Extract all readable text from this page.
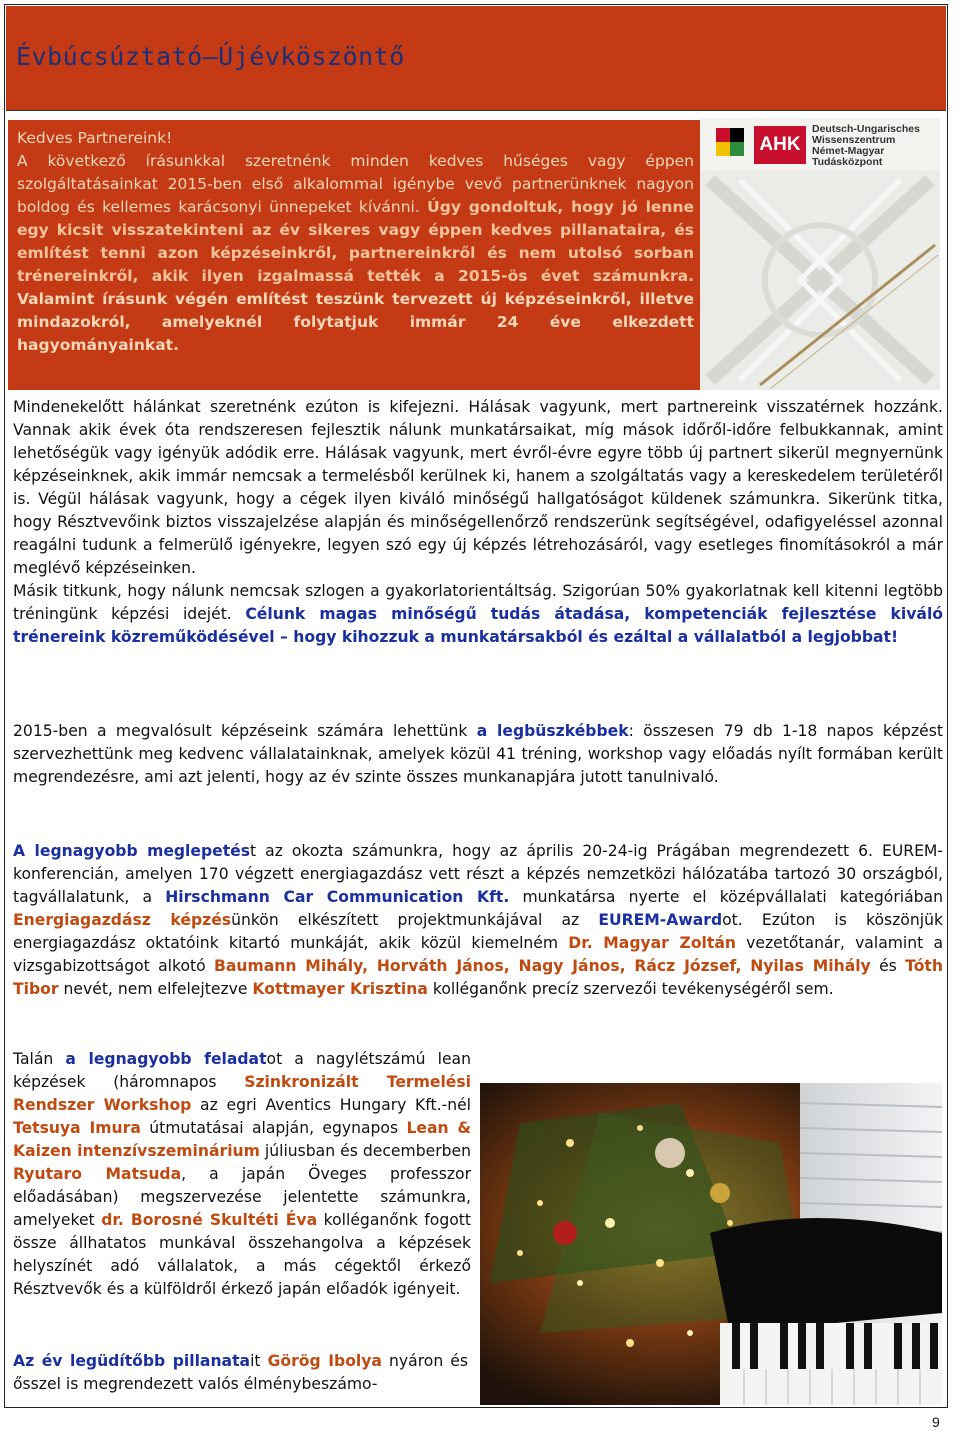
Évbúcsúztató—Újévköszöntő

Kedves Partnereink!

A következő írásunkkal szeretnénk minden kedves hűséges vagy éppen szolgáltatásainkat 2015-ben első alkalommal igénybe vevő partnerünknek nagyon boldog és kellemes karácsonyi ünnepeket kívánni. Úgy gondoltuk, hogy jó lenne egy kicsit visszatekinteni az év sikeres vagy éppen kedves pillanataira, és említést tenni azon képzéseinkről, partnereinkről és nem utolsó sorban trénereinkről, akik ilyen izgalmassá tették a 2015-ös évet számunkra. Valamint írásunk végén említést teszünk tervezett új képzéseinkről, illetve mindazokról, amelyeknél folytatjuk immár 24 éve elkezdett hagyományainkat.

AHK
Deutsch-Ungarisches
Wissenszentrum
Német-Magyar
Tudásközpont

Mindenekelőtt hálánkat szeretnénk ezúton is kifejezni. Hálásak vagyunk, mert partnereink visszatérnek hozzánk. Vannak akik évek óta rendszeresen fejlesztik nálunk munkatársaikat, míg mások időről-időre felbukkannak, amint lehetőségük vagy igényük adódik erre. Hálásak vagyunk, mert évről-évre egyre több új partnert sikerül megnyernünk képzéseinknek, akik immár nemcsak a termelésből kerülnek ki, hanem a szolgáltatás vagy a kereskedelem területéről is. Végül hálásak vagyunk, hogy a cégek ilyen kiváló minőségű hallgatóságot küldenek számunkra. Sikerünk titka, hogy Résztvevőink biztos visszajelzése alapján és minőségellenőrző rendszerünk segítségével, odafigyeléssel azonnal reagálni tudunk a felmerülő igényekre, legyen szó egy új képzés létrehozásáról, vagy esetleges finomításokról a már meglévő képzéseinken.

Másik titkunk, hogy nálunk nemcsak szlogen a gyakorlatorientáltság. Szigorúan 50% gyakorlatnak kell kitenni legtöbb tréningünk képzési idejét. Célunk magas minőségű tudás átadása, kompetenciák fejlesztése kiváló trénereink közreműködésével – hogy kihozzuk a munkatársakból és ezáltal a vállalatból a legjobbat!

2015-ben a megvalósult képzéseink számára lehettünk a legbüszkébbek: összesen 79 db 1-18 napos képzést szervezhettünk meg kedvenc vállalatainknak, amelyek közül 41 tréning, workshop vagy előadás nyílt formában került megrendezésre, ami azt jelenti, hogy az év szinte összes munkanapjára jutott tanulnivaló.

A legnagyobb meglepetést az okozta számunkra, hogy az április 20-24-ig Prágában megrendezett 6. EUREM-konferencián, amelyen 170 végzett energiagazdász vett részt a képzés nemzetközi hálózatába tartozó 30 országból, tagvállalatunk, a Hirschmann Car Communication Kft. munkatársa nyerte el középvállalati kategóriában Energiagazdász képzésünkön elkészített projektmunkájával az EUREM-Awardot. Ezúton is köszönjük energiagazdász oktatóink kitartó munkáját, akik közül kiemelném Dr. Magyar Zoltán vezetőtanár, valamint a vizsgabizottságot alkotó Baumann Mihály, Horváth János, Nagy János, Rácz József, Nyilas Mihály és Tóth Tibor nevét, nem elfelejtezve Kottmayer Krisztina kolléganőnk precíz szervezői tevékenységéről sem.

Talán a legnagyobb feladatot a nagylétszámú lean képzések (háromnapos Szinkronizált Termelési Rendszer Workshop az egri Aventics Hungary Kft.-nél Tetsuya Imura útmutatásai alapján, egynapos Lean & Kaizen intenzívszeminárium júliusban és decemberben Ryutaro Matsuda, a japán Öveges professzor előadásában) megszervezése jelentette számunkra, amelyeket dr. Borosné Skultéti Éva kolléganőnk fogott össze állhatatos munkával összehangolva a képzések helyszínét adó vállalatok, a más cégektől érkező Résztvevők és a külföldről érkező japán előadók igényeit.

Az év legüdítőbb pillanatait Görög Ibolya nyáron és ősszel is megrendezett valós élménybeszámo-

9
